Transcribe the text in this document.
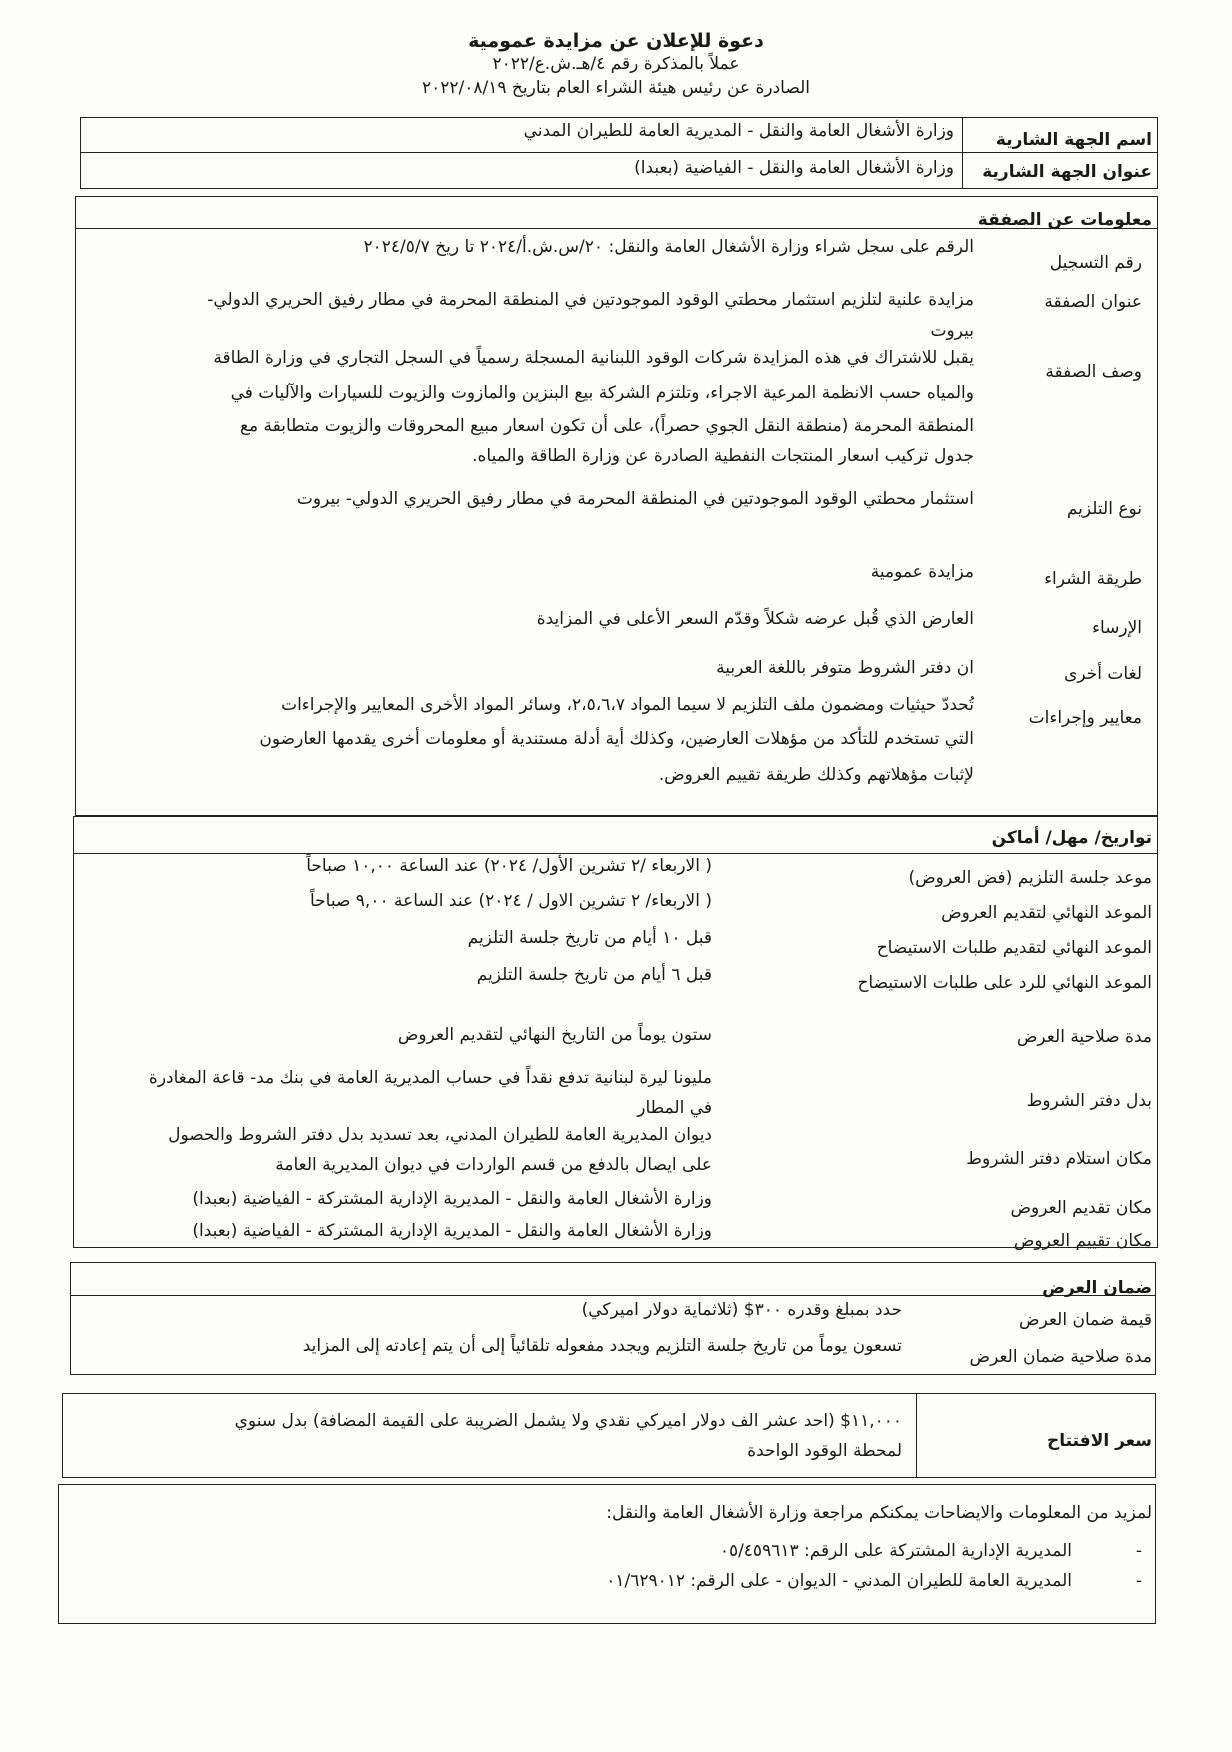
دعوة للإعلان عن مزايدة عمومية
عملاً بالمذكرة رقم ٤/هـ.ش.ع/٢٠٢٢
الصادرة عن رئيس هيئة الشراء العام بتاريخ ٢٠٢٢/٠٨/١٩
اسم الجهة الشارية
وزارة الأشغال العامة والنقل - المديرية العامة للطيران المدني
عنوان الجهة الشارية
وزارة الأشغال العامة والنقل - الفياضية (بعبدا)
معلومات عن الصفقة
رقم التسجيل
الرقم على سجل شراء وزارة الأشغال العامة والنقل: ٢٠/س.ش.أ/٢٠٢٤ تا ريخ ٢٠٢٤/٥/٧
عنوان الصفقة
مزايدة علنية لتلزيم استثمار محطتي الوقود الموجودتين في المنطقة المحرمة في مطار رفيق الحريري الدولي-
بيروت
وصف الصفقة
يقبل للاشتراك في هذه المزايدة شركات الوقود اللبنانية المسجلة رسمياً في السجل التجاري في وزارة الطاقة
والمياه حسب الانظمة المرعية الاجراء، وتلتزم الشركة بيع البنزين والمازوت والزيوت للسيارات والآليات في
المنطقة المحرمة (منطقة النقل الجوي حصراً)، على أن تكون اسعار مبيع المحروقات والزيوت متطابقة مع
جدول تركيب اسعار المنتجات النفطية الصادرة عن وزارة الطاقة والمياه.
نوع التلزيم
استثمار محطتي الوقود الموجودتين في المنطقة المحرمة في مطار رفيق الحريري الدولي- بيروت
طريقة الشراء
مزايدة عمومية
الإرساء
العارض الذي قُبل عرضه شكلاً وقدّم السعر الأعلى في المزايدة
لغات أخرى
ان دفتر الشروط متوفر باللغة العربية
معايير وإجراءات
تُحددّ حيثيات ومضمون ملف التلزيم لا سيما المواد ٢،٥،٦،٧، وسائر المواد الأخرى المعايير والإجراءات
التي تستخدم للتأكد من مؤهلات العارضين، وكذلك أية أدلة مستندية أو معلومات أخرى يقدمها العارضون
لإثبات مؤهلاتهم وكذلك طريقة تقييم العروض.
تواريخ/ مهل/ أماكن
موعد جلسة التلزيم (فض العروض)
( الاربعاء /٢ تشرين الأول/ ٢٠٢٤) عند الساعة ١٠,٠٠ صباحاً
الموعد النهائي لتقديم العروض
( الاربعاء/ ٢ تشرين الاول / ٢٠٢٤) عند الساعة ٩,٠٠ صباحاً
الموعد النهائي لتقديم طلبات الاستيضاح
قبل ١٠ أيام من تاريخ جلسة التلزيم
الموعد النهائي للرد على طلبات الاستيضاح
قبل ٦ أيام من تاريخ جلسة التلزيم
مدة صلاحية العرض
ستون يوماً من التاريخ النهائي لتقديم العروض
بدل دفتر الشروط
مليونا ليرة لبنانية تدفع نقداً في حساب المديرية العامة في بنك مد- قاعة المغادرة
في المطار
مكان استلام دفتر الشروط
ديوان المديرية العامة للطيران المدني، بعد تسديد بدل دفتر الشروط والحصول
على ايصال بالدفع من قسم الواردات في ديوان المديرية العامة
مكان تقديم العروض
وزارة الأشغال العامة والنقل - المديرية الإدارية المشتركة - الفياضية (بعبدا)
مكان تقييم العروض
وزارة الأشغال العامة والنقل - المديرية الإدارية المشتركة - الفياضية (بعبدا)
ضمان العرض
قيمة ضمان العرض
حدد بمبلغ وقدره ٣٠٠$ (ثلاثماية دولار اميركي)
مدة صلاحية ضمان العرض
تسعون يوماً من تاريخ جلسة التلزيم ويجدد مفعوله تلقائياً إلى أن يتم إعادته إلى المزايد
سعر الافتتاح
١١,٠٠٠$ (احد عشر الف دولار اميركي نقدي ولا يشمل الضريبة على القيمة المضافة) بدل سنوي
لمحطة الوقود الواحدة
لمزيد من المعلومات والايضاحات يمكنكم مراجعة وزارة الأشغال العامة والنقل:
-
المديرية الإدارية المشتركة على الرقم: ٠٥/٤٥٩٦١٣
-
المديرية العامة للطيران المدني - الديوان - على الرقم: ٠١/٦٢٩٠١٢
